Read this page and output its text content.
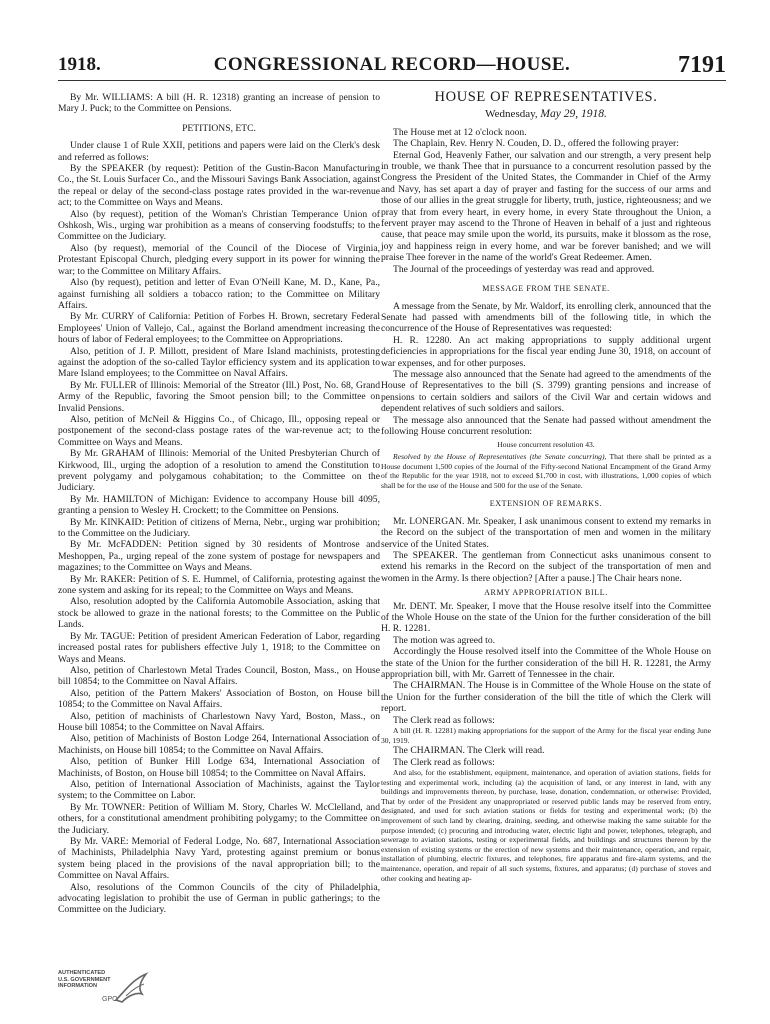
1918.	CONGRESSIONAL RECORD—HOUSE.	7191

By Mr. WILLIAMS: A bill (H. R. 12318) granting an increase of pension to Mary J. Puck; to the Committee on Pensions.

PETITIONS, ETC.

Under clause 1 of Rule XXII, petitions and papers were laid on the Clerk's desk and referred as follows:

By the SPEAKER (by request): Petition of the Gustin-Bacon Manufacturing Co., the St. Louis Surfacer Co., and the Missouri Savings Bank Association, against the repeal or delay of the second-class postage rates provided in the war-revenue act; to the Committee on Ways and Means.

Also (by request), petition of the Woman's Christian Temperance Union of Oshkosh, Wis., urging war prohibition as a means of conserving foodstuffs; to the Committee on the Judiciary.

Also (by request), memorial of the Council of the Diocese of Virginia, Protestant Episcopal Church, pledging every support in its power for winning the war; to the Committee on Military Affairs.

Also (by request), petition and letter of Evan O'Neill Kane, M. D., Kane, Pa., against furnishing all soldiers a tobacco ration; to the Committee on Military Affairs.

By Mr. CURRY of California: Petition of Forbes H. Brown, secretary Federal Employees' Union of Vallejo, Cal., against the Borland amendment increasing the hours of labor of Federal employees; to the Committee on Appropriations.

Also, petition of J. P. Millott, president of Mare Island machinists, protesting against the adoption of the so-called Taylor efficiency system and its application to Mare Island employees; to the Committee on Naval Affairs.

By Mr. FULLER of Illinois: Memorial of the Streator (Ill.) Post, No. 68, Grand Army of the Republic, favoring the Smoot pension bill; to the Committee on Invalid Pensions.

Also, petition of McNeil & Higgins Co., of Chicago, Ill., opposing repeal or postponement of the second-class postage rates of the war-revenue act; to the Committee on Ways and Means.

By Mr. GRAHAM of Illinois: Memorial of the United Presbyterian Church of Kirkwood, Ill., urging the adoption of a resolution to amend the Constitution to prevent polygamy and polygamous cohabitation; to the Committee on the Judiciary.

By Mr. HAMILTON of Michigan: Evidence to accompany House bill 4095, granting a pension to Wesley H. Crockett; to the Committee on Pensions.

By Mr. KINKAID: Petition of citizens of Merna, Nebr., urging war prohibition; to the Committee on the Judiciary.

By Mr. McFADDEN: Petition signed by 30 residents of Montrose and Meshoppen, Pa., urging repeal of the zone system of postage for newspapers and magazines; to the Committee on Ways and Means.

By Mr. RAKER: Petition of S. E. Hummel, of California, protesting against the zone system and asking for its repeal; to the Committee on Ways and Means.

Also, resolution adopted by the California Automobile Association, asking that stock be allowed to graze in the national forests; to the Committee on the Public Lands.

By Mr. TAGUE: Petition of president American Federation of Labor, regarding increased postal rates for publishers effective July 1, 1918; to the Committee on Ways and Means.

Also, petition of Charlestown Metal Trades Council, Boston, Mass., on House bill 10854; to the Committee on Naval Affairs.

Also, petition of the Pattern Makers' Association of Boston, on House bill 10854; to the Committee on Naval Affairs.

Also, petition of machinists of Charlestown Navy Yard, Boston, Mass., on House bill 10854; to the Committee on Naval Affairs.

Also, petition of Machinists of Boston Lodge 264, International Association of Machinists, on House bill 10854; to the Committee on Naval Affairs.

Also, petition of Bunker Hill Lodge 634, International Association of Machinists, of Boston, on House bill 10854; to the Committee on Naval Affairs.

Also, petition of International Association of Machinists, against the Taylor system; to the Committee on Labor.

By Mr. TOWNER: Petition of William M. Story, Charles W. McClelland, and others, for a constitutional amendment prohibiting polygamy; to the Committee on the Judiciary.

By Mr. VARE: Memorial of Federal Lodge, No. 687, International Association of Machinists, Philadelphia Navy Yard, protesting against premium or bonus system being placed in the provisions of the naval appropriation bill; to the Committee on Naval Affairs.

Also, resolutions of the Common Councils of the city of Philadelphia, advocating legislation to prohibit the use of German in public gatherings; to the Committee on the Judiciary.

HOUSE OF REPRESENTATIVES.

Wednesday, May 29, 1918.

The House met at 12 o'clock noon.

The Chaplain, Rev. Henry N. Couden, D. D., offered the following prayer:

Eternal God, Heavenly Father, our salvation and our strength, a very present help in trouble, we thank Thee that in pursuance to a concurrent resolution passed by the Congress the President of the United States, the Commander in Chief of the Army and Navy, has set apart a day of prayer and fasting for the success of our arms and those of our allies in the great struggle for liberty, truth, justice, righteousness; and we pray that from every heart, in every home, in every State throughout the Union, a fervent prayer may ascend to the Throne of Heaven in behalf of a just and righteous cause, that peace may smile upon the world, its pursuits, make it blossom as the rose, joy and happiness reign in every home, and war be forever banished; and we will praise Thee forever in the name of the world's Great Redeemer. Amen.

The Journal of the proceedings of yesterday was read and approved.

MESSAGE FROM THE SENATE.

A message from the Senate, by Mr. Waldorf, its enrolling clerk, announced that the Senate had passed with amendments bill of the following title, in which the concurrence of the House of Representatives was requested:

H. R. 12280. An act making appropriations to supply additional urgent deficiencies in appropriations for the fiscal year ending June 30, 1918, on account of war expenses, and for other purposes.

The message also announced that the Senate had agreed to the amendments of the House of Representatives to the bill (S. 3799) granting pensions and increase of pensions to certain soldiers and sailors of the Civil War and certain widows and dependent relatives of such soldiers and sailors.

The message also announced that the Senate had passed without amendment the following House concurrent resolution:

House concurrent resolution 43.

Resolved by the House of Representatives (the Senate concurring), That there shall be printed as a House document 1,500 copies of the Journal of the Fifty-second National Encampment of the Grand Army of the Republic for the year 1918, not to exceed $1,700 in cost, with illustrations, 1,000 copies of which shall be for the use of the House and 500 for the use of the Senate.

EXTENSION OF REMARKS.

Mr. LONERGAN. Mr. Speaker, I ask unanimous consent to extend my remarks in the Record on the subject of the transportation of men and women in the military service of the United States.

The SPEAKER. The gentleman from Connecticut asks unanimous consent to extend his remarks in the Record on the subject of the transportation of men and women in the Army. Is there objection? [After a pause.] The Chair hears none.

ARMY APPROPRIATION BILL.

Mr. DENT. Mr. Speaker, I move that the House resolve itself into the Committee of the Whole House on the state of the Union for the further consideration of the bill H. R. 12281.

The motion was agreed to.

Accordingly the House resolved itself into the Committee of the Whole House on the state of the Union for the further consideration of the bill H. R. 12281, the Army appropriation bill, with Mr. Garrett of Tennessee in the chair.

The CHAIRMAN. The House is in Committee of the Whole House on the state of the Union for the further consideration of the bill the title of which the Clerk will report.

The Clerk read as follows:

A bill (H. R. 12281) making appropriations for the support of the Army for the fiscal year ending June 30, 1919.

The CHAIRMAN. The Clerk will read.

The Clerk read as follows:

And also, for the establishment, equipment, maintenance, and operation of aviation stations, fields for testing and experimental work, including (a) the acquisition of land, or any interest in land, with any buildings and improvements thereon, by purchase, lease, donation, condemnation, or otherwise: Provided, That by order of the President any unappropriated or reserved public lands may be reserved from entry, designated, and used for such aviation stations or fields for testing and experimental work; (b) the improvement of such land by clearing, draining, seeding, and otherwise making the same suitable for the purpose intended; (c) procuring and introducing water, electric light and power, telephones, telegraph, and sewerage to aviation stations, testing or experimental fields, and buildings and structures thereon by the extension of existing systems or the erection of new systems and their maintenance, operation, and repair, installation of plumbing, electric fixtures, and telephones, fire apparatus and fire-alarm systems, and the maintenance, operation, and repair of all such systems, fixtures, and apparatus; (d) purchase of stoves and other cooking and heating ap-

AUTHENTICATED
U.S. GOVERNMENT
INFORMATION
GPO
